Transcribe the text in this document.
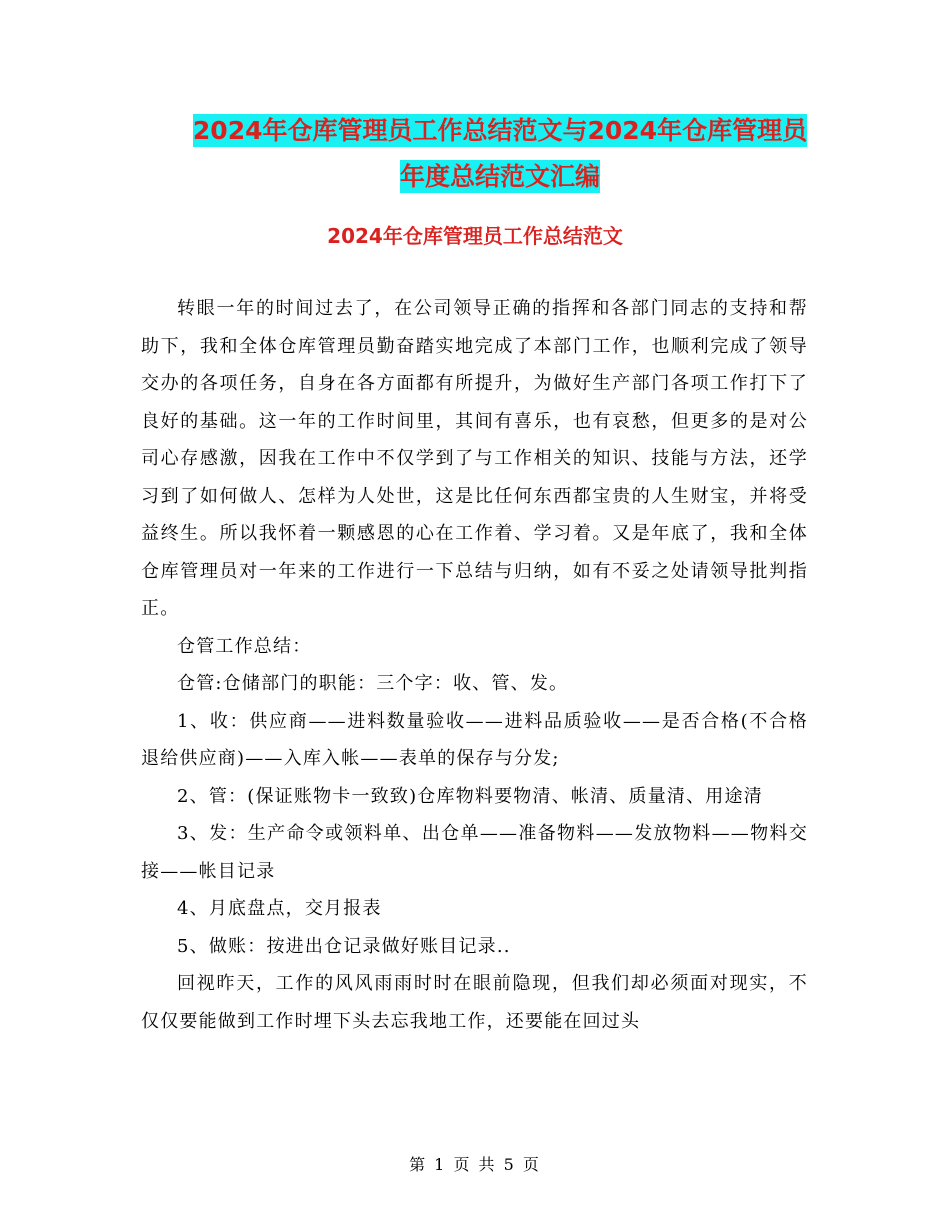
2024年仓库管理员工作总结范文与2024年仓库管理员
年度总结范文汇编
2024年仓库管理员工作总结范文

转眼一年的时间过去了，在公司领导正确的指挥和各部门同志的支持和帮助下，我和全体仓库管理员勤奋踏实地完成了本部门工作，也顺利完成了领导交办的各项任务，自身在各方面都有所提升，为做好生产部门各项工作打下了良好的基础。这一年的工作时间里，其间有喜乐，也有哀愁，但更多的是对公司心存感激，因我在工作中不仅学到了与工作相关的知识、技能与方法，还学习到了如何做人、怎样为人处世，这是比任何东西都宝贵的人生财宝，并将受益终生。所以我怀着一颗感恩的心在工作着、学习着。又是年底了，我和全体仓库管理员对一年来的工作进行一下总结与归纳，如有不妥之处请领导批判指正。

仓管工作总结：

仓管:仓储部门的职能：三个字：收、管、发。

1、收：供应商——进料数量验收——进料品质验收——是否合格(不合格退给供应商)——入库入帐——表单的保存与分发;

2、管：(保证账物卡一致致)仓库物料要物清、帐清、质量清、用途清

3、发：生产命令或领料单、出仓单——准备物料——发放物料——物料交接——帐目记录

4、月底盘点，交月报表

5、做账：按进出仓记录做好账目记录..

回视昨天，工作的风风雨雨时时在眼前隐现，但我们却必须面对现实，不仅仅要能做到工作时埋下头去忘我地工作，还要能在回过头

第 1 页 共 5 页
